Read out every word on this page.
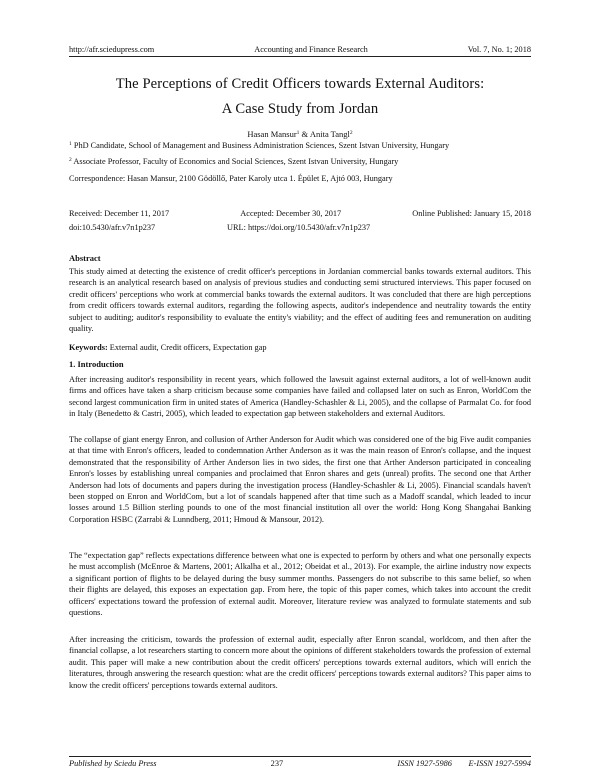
http://afr.sciedupress.com	Accounting and Finance Research	Vol. 7, No. 1; 2018
The Perceptions of Credit Officers towards External Auditors:
A Case Study from Jordan
Hasan Mansur$^1$ & Anita Tangl$^2$
$^1$ PhD Candidate, School of Management and Business Administration Sciences, Szent Istvan University, Hungary
$^2$ Associate Professor, Faculty of Economics and Social Sciences, Szent Istvan University, Hungary
Correspondence: Hasan Mansur, 2100 Gödöllő, Pater Karoly utca 1. Épület E, Ajtó 003, Hungary
Received: December 11, 2017	Accepted: December 30, 2017	Online Published: January 15, 2018
doi:10.5430/afr.v7n1p237	URL: https://doi.org/10.5430/afr.v7n1p237
Abstract
This study aimed at detecting the existence of credit officer's perceptions in Jordanian commercial banks towards external auditors. This research is an analytical research based on analysis of previous studies and conducting semi structured interviews. This paper focused on credit officers' perceptions who work at commercial banks towards the external auditors. It was concluded that there are high perceptions from credit officers towards external auditors, regarding the following aspects, auditor's independence and neutrality towards the entity subject to auditing; auditor's responsibility to evaluate the entity's viability; and the effect of auditing fees and remuneration on auditing quality.
Keywords: External audit, Credit officers, Expectation gap
1. Introduction
After increasing auditor's responsibility in recent years, which followed the lawsuit against external auditors, a lot of well-known audit firms and offices have taken a sharp criticism because some companies have failed and collapsed later on such as Enron, WorldCom the second largest communication firm in united states of America (Handley-Schashler & Li, 2005), and the collapse of Parmalat Co. for food in Italy (Benedetto & Castri, 2005), which leaded to expectation gap between stakeholders and external Auditors.
The collapse of giant energy Enron, and collusion of Arther Anderson for Audit which was considered one of the big Five audit companies at that time with Enron's officers, leaded to condemnation Arther Anderson as it was the main reason of Enron's collapse, and the inquest demonstrated that the responsibility of Arther Anderson lies in two sides, the first one that Arther Anderson participated in concealing Enron's losses by establishing unreal companies and proclaimed that Enron shares and gets (unreal) profits. The second one that Arther Anderson had lots of documents and papers during the investigation process (Handley-Schashler & Li, 2005). Financial scandals haven't been stopped on Enron and WorldCom, but a lot of scandals happened after that time such as a Madoff scandal, which leaded to incur losses around 1.5 Billion sterling pounds to one of the most financial institution all over the world: Hong Kong Shangahai Banking Corporation HSBC (Zarrabi & Lunndberg, 2011; Hmoud & Mansour, 2012).
The “expectation gap” reflects expectations difference between what one is expected to perform by others and what one personally expects he must accomplish (McEnroe & Martens, 2001; Alkalha et al., 2012; Obeidat et al., 2013). For example, the airline industry now expects a significant portion of flights to be delayed during the busy summer months. Passengers do not subscribe to this same belief, so when their flights are delayed, this exposes an expectation gap. From here, the topic of this paper comes, which takes into account the credit officers' expectations toward the profession of external audit. Moreover, literature review was analyzed to formulate statements and sub questions.
After increasing the criticism, towards the profession of external audit, especially after Enron scandal, worldcom, and then after the financial collapse, a lot researchers starting to concern more about the opinions of different stakeholders towards the profession of external audit. This paper will make a new contribution about the credit officers' perceptions towards external auditors, which will enrich the literatures, through answering the research question: what are the credit officers' perceptions towards external auditors? This paper aims to know the credit officers' perceptions towards external auditors.
Published by Sciedu Press	237	ISSN 1927-5986        E-ISSN 1927-5994
